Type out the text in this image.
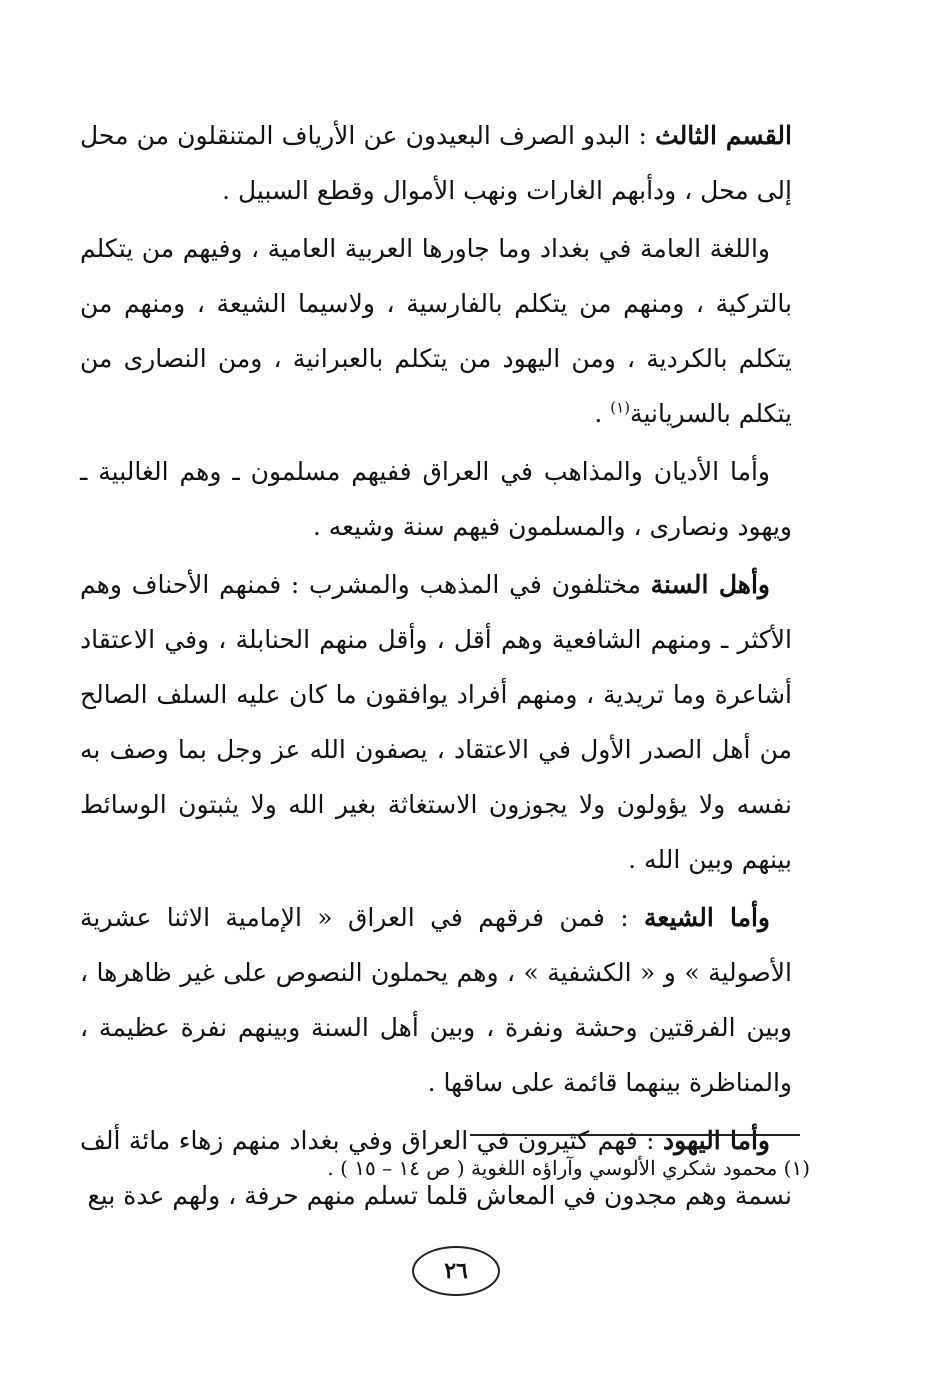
القسم الثالث : البدو الصرف البعيدون عن الأرياف المتنقلون من محل إلى محل ، ودأبهم الغارات ونهب الأموال وقطع السبيل .

واللغة العامة في بغداد وما جاورها العربية العامية ، وفيهم من يتكلم بالتركية ، ومنهم من يتكلم بالفارسية ، ولاسيما الشيعة ، ومنهم من يتكلم بالكردية ، ومن اليهود من يتكلم بالعبرانية ، ومن النصارى من يتكلم بالسريانية$^{(١)}$ .

وأما الأديان والمذاهب في العراق ففيهم مسلمون ـ وهم الغالبية ـ ويهود ونصارى ، والمسلمون فيهم سنة وشيعه .

وأهل السنة مختلفون في المذهب والمشرب : فمنهم الأحناف وهم الأكثر ـ ومنهم الشافعية وهم أقل ، وأقل منهم الحنابلة ، وفي الاعتقاد أشاعرة وما تريدية ، ومنهم أفراد يوافقون ما كان عليه السلف الصالح من أهل الصدر الأول في الاعتقاد ، يصفون الله عز وجل بما وصف به نفسه ولا يؤولون ولا يجوزون الاستغاثة بغير الله ولا يثبتون الوسائط بينهم وبين الله .

وأما الشيعة : فمن فرقهم في العراق « الإمامية الاثنا عشرية الأصولية » و « الكشفية » ، وهم يحملون النصوص على غير ظاهرها ، وبين الفرقتين وحشة ونفرة ، وبين أهل السنة وبينهم نفرة عظيمة ، والمناظرة بينهما قائمة على ساقها .

وأما اليهود : فهم كثيرون في العراق وفي بغداد منهم زهاء مائة ألف نسمة وهم مجدون في المعاش قلما تسلم منهم حرفة ، ولهم عدة بيع

(١) محمود شكري الألوسي وآراؤه اللغوية ( ص ١٤ – ١٥ ) .
٢٦
